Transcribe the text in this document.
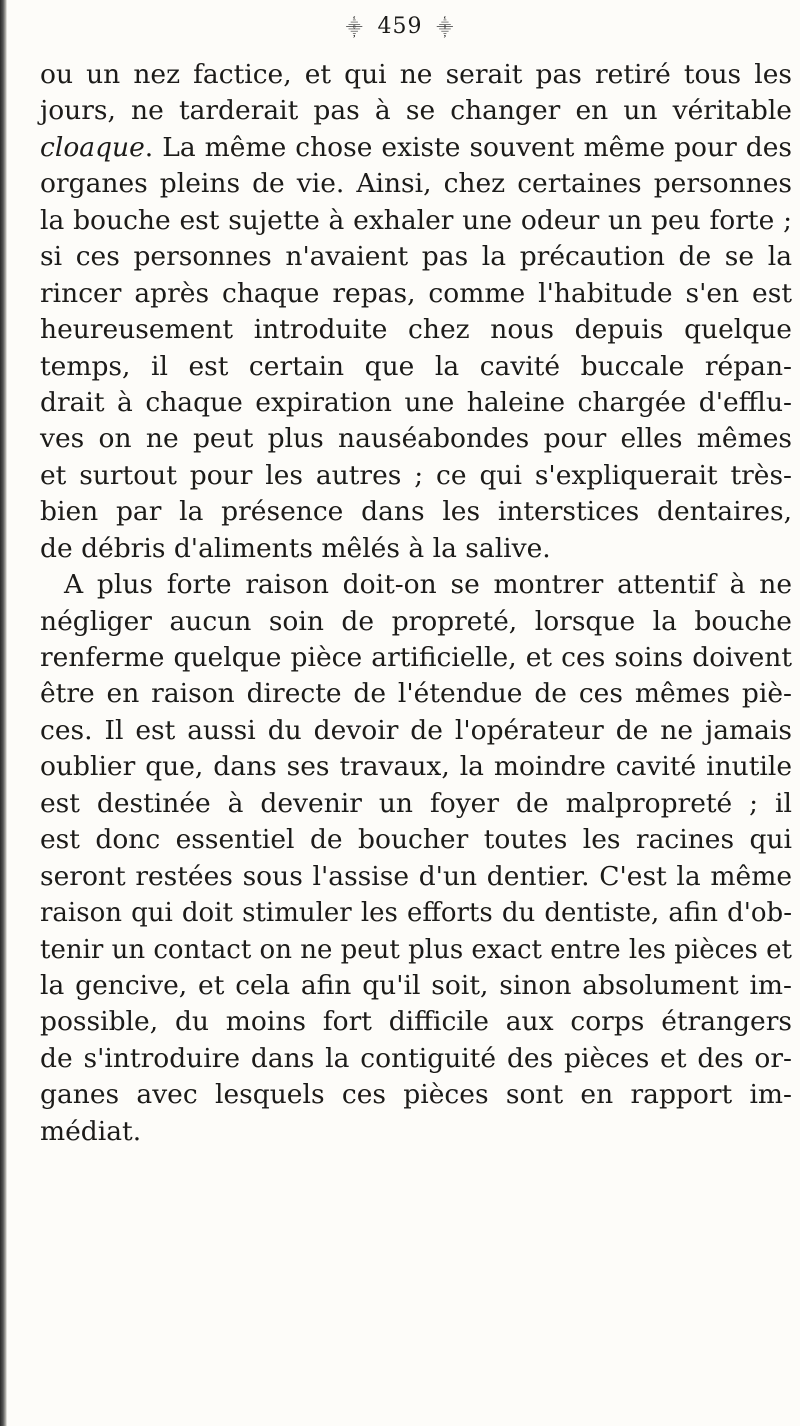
⸎ 459 ⸎
ou un nez factice, et qui ne serait pas retiré tous les
jours, ne tarderait pas à se changer en un véritable
cloaque. La même chose existe souvent même pour des
organes pleins de vie. Ainsi, chez certaines personnes
la bouche est sujette à exhaler une odeur un peu forte ;
si ces personnes n'avaient pas la précaution de se la
rincer après chaque repas, comme l'habitude s'en est
heureusement introduite chez nous depuis quelque
temps, il est certain que la cavité buccale répan-
drait à chaque expiration une haleine chargée d'efflu-
ves on ne peut plus nauséabondes pour elles mêmes
et surtout pour les autres ; ce qui s'expliquerait très-
bien par la présence dans les interstices dentaires,
de débris d'aliments mêlés à la salive.
A plus forte raison doit-on se montrer attentif à ne
négliger aucun soin de propreté, lorsque la bouche
renferme quelque pièce artificielle, et ces soins doivent
être en raison directe de l'étendue de ces mêmes piè-
ces. Il est aussi du devoir de l'opérateur de ne jamais
oublier que, dans ses travaux, la moindre cavité inutile
est destinée à devenir un foyer de malpropreté ; il
est donc essentiel de boucher toutes les racines qui
seront restées sous l'assise d'un dentier. C'est la même
raison qui doit stimuler les efforts du dentiste, afin d'ob-
tenir un contact on ne peut plus exact entre les pièces et
la gencive, et cela afin qu'il soit, sinon absolument im-
possible, du moins fort difficile aux corps étrangers
de s'introduire dans la contiguité des pièces et des or-
ganes avec lesquels ces pièces sont en rapport im-
médiat.
